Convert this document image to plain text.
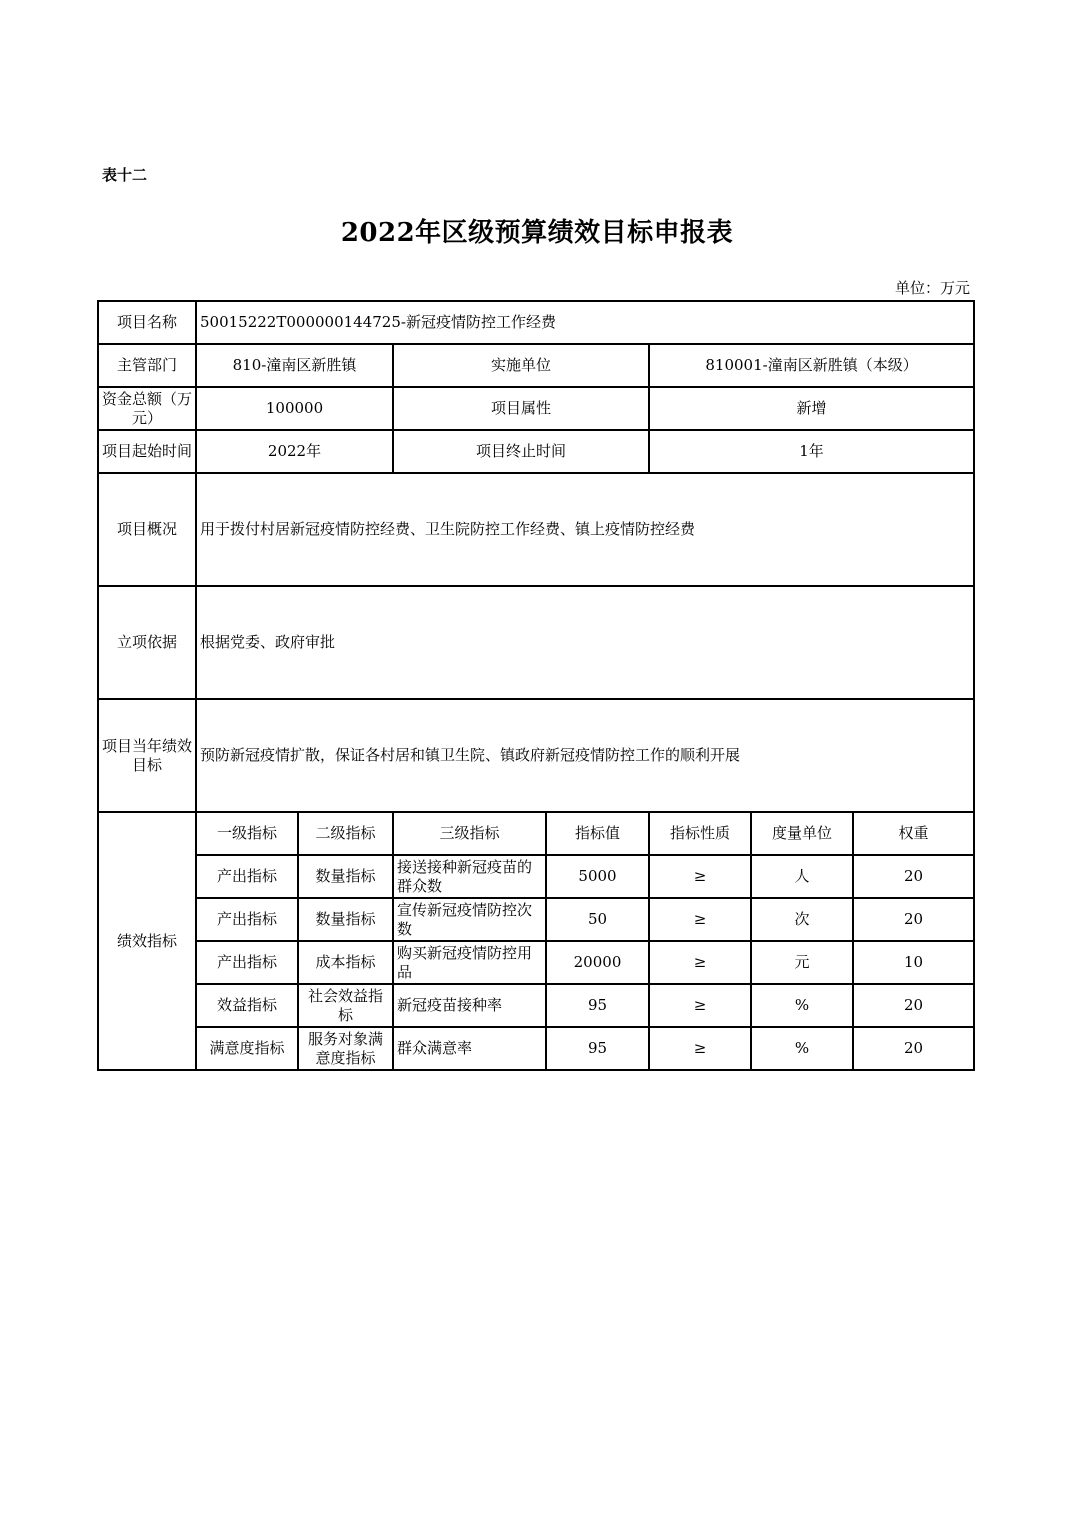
表十二
2022年区级预算绩效目标申报表
单位：万元
项目名称	50015222T000000144725-新冠疫情防控工作经费						
主管部门	810-潼南区新胜镇		实施单位		810001-潼南区新胜镇（本级）		
资金总额（万元）	100000		项目属性		新增		
项目起始时间	2022年		项目终止时间		1年		
项目概况	用于拨付村居新冠疫情防控经费、卫生院防控工作经费、镇上疫情防控经费						
立项依据	根据党委、政府审批						
项目当年绩效目标	预防新冠疫情扩散，保证各村居和镇卫生院、镇政府新冠疫情防控工作的顺利开展						
绩效指标	一级指标	二级指标	三级指标	指标值	指标性质	度量单位	权重
	产出指标	数量指标	接送接种新冠疫苗的群众数	5000	≥	人	20
	产出指标	数量指标	宣传新冠疫情防控次数	50	≥	次	20
	产出指标	成本指标	购买新冠疫情防控用品	20000	≥	元	10
	效益指标	社会效益指标	新冠疫苗接种率	95	≥	%	20
	满意度指标	服务对象满意度指标	群众满意率	95	≥	%	20
